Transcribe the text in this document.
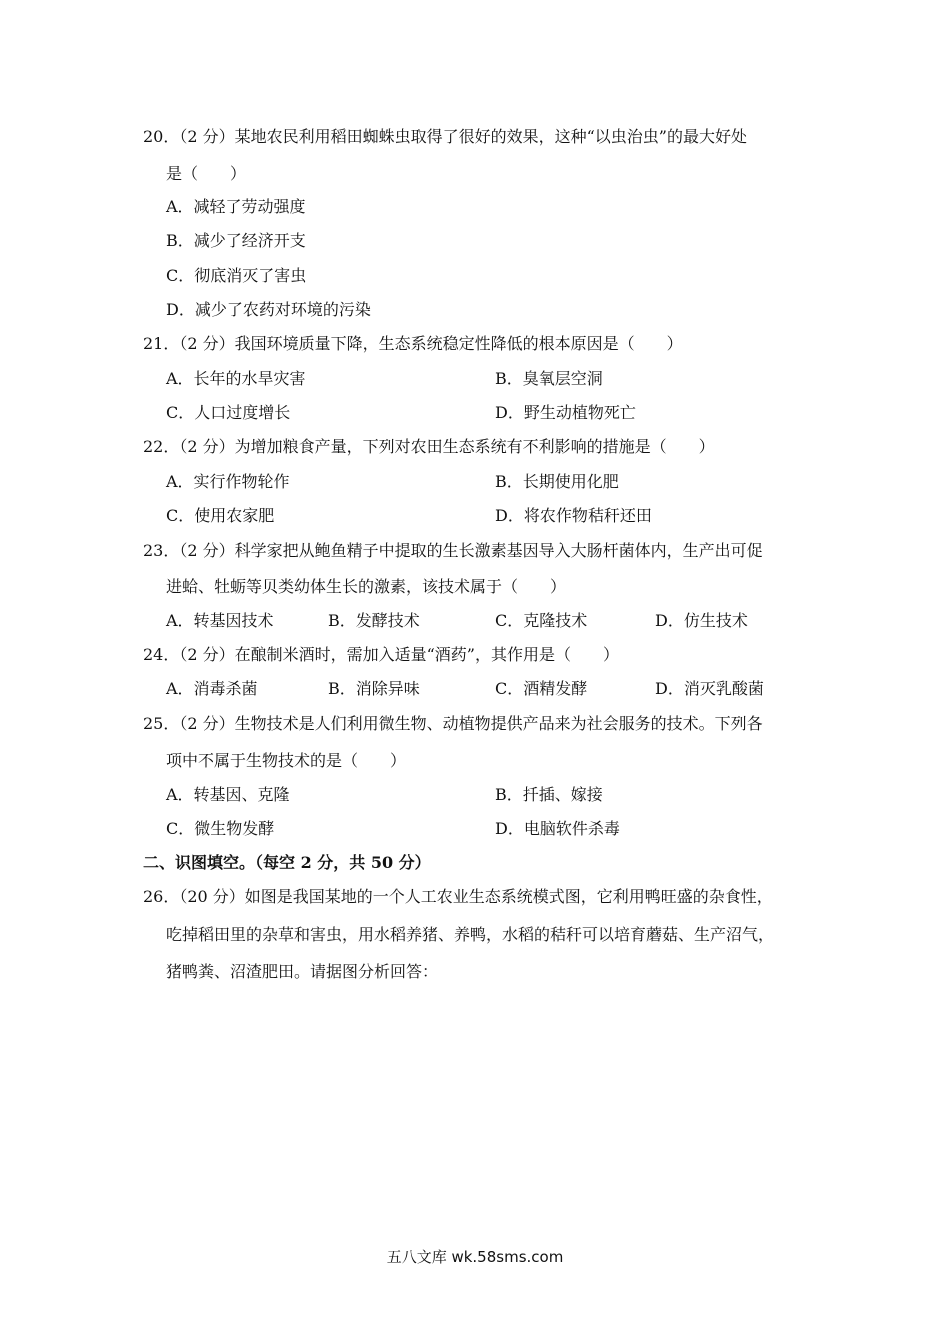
20．（2 分）某地农民利用稻田蜘蛛虫取得了很好的效果，这种“以虫治虫”的最大好处
是（　　）
A．减轻了劳动强度
B．减少了经济开支
C．彻底消灭了害虫
D．减少了农药对环境的污染
21．（2 分）我国环境质量下降，生态系统稳定性降低的根本原因是（　　）
A．长年的水旱灾害	B．臭氧层空洞
C．人口过度增长	D．野生动植物死亡
22．（2 分）为增加粮食产量，下列对农田生态系统有不利影响的措施是（　　）
A．实行作物轮作	B．长期使用化肥
C．使用农家肥	D．将农作物秸秆还田
23．（2 分）科学家把从鲍鱼精子中提取的生长激素基因导入大肠杆菌体内，生产出可促
进蛤、牡蛎等贝类幼体生长的激素，该技术属于（　　）
A．转基因技术	B．发酵技术	C．克隆技术	D．仿生技术
24．（2 分）在酿制米酒时，需加入适量“酒药”，其作用是（　　）
A．消毒杀菌	B．消除异味	C．酒精发酵	D．消灭乳酸菌
25．（2 分）生物技术是人们利用微生物、动植物提供产品来为社会服务的技术。下列各
项中不属于生物技术的是（　　）
A．转基因、克隆	B．扦插、嫁接
C．微生物发酵	D．电脑软件杀毒
二、识图填空。（每空 2 分，共 50 分）
26．（20 分）如图是我国某地的一个人工农业生态系统模式图，它利用鸭旺盛的杂食性，
吃掉稻田里的杂草和害虫，用水稻养猪、养鸭，水稻的秸秆可以培育蘑菇、生产沼气，
猪鸭粪、沼渣肥田。请据图分析回答：
五八文库 wk.58sms.com
